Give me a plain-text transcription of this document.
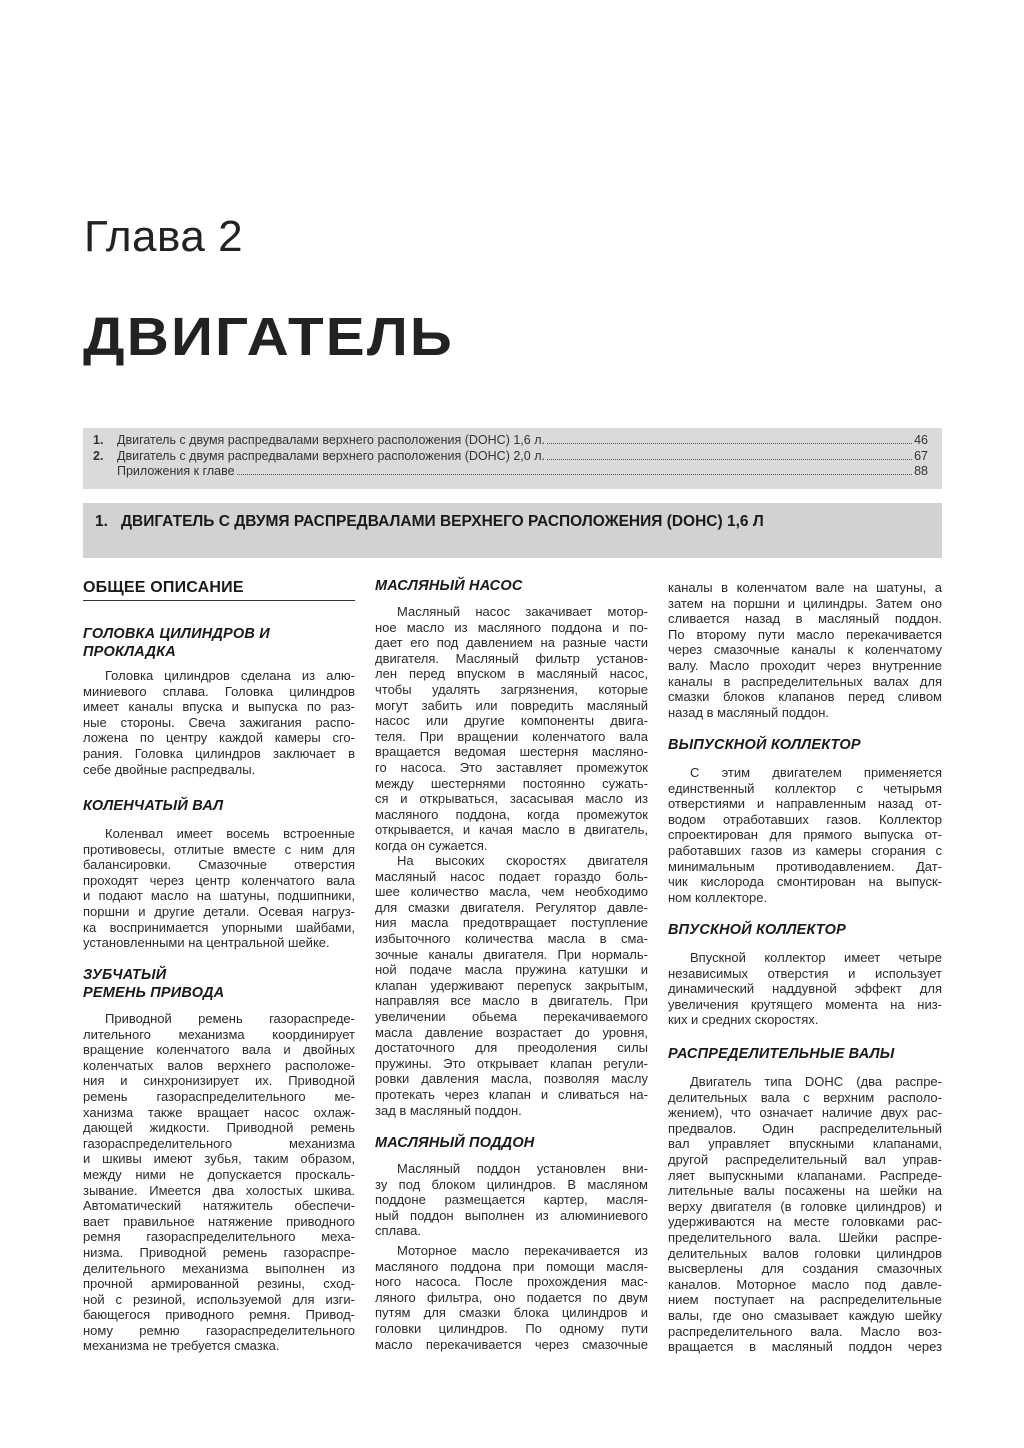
Глава 2
ДВИГАТЕЛЬ
1.	Двигатель с двумя распредвалами верхнего расположения (DOHC) 1,6 л.	46
2.	Двигатель с двумя распредвалами верхнего расположения (DOHC) 2,0 л.	67
Приложения к главе	88
1. ДВИГАТЕЛЬ С ДВУМЯ РАСПРЕДВАЛАМИ ВЕРХНЕГО РАСПОЛОЖЕНИЯ (DOHC) 1,6 Л
ОБЩЕЕ ОПИСАНИЕ
ГОЛОВКА ЦИЛИНДРОВ И
ПРОКЛАДКА
Головка цилиндров сделана из алю-
миниевого сплава. Головка цилиндров
имеет каналы впуска и выпуска по раз-
ные стороны. Свеча зажигания распо-
ложена по центру каждой камеры сго-
рания. Головка цилиндров заключает в
себе двойные распредвалы.
КОЛЕНЧАТЫЙ ВАЛ
Коленвал имеет восемь встроенные
противовесы, отлитые вместе с ним для
балансировки. Смазочные отверстия
проходят через центр коленчатого вала
и подают масло на шатуны, подшипники,
поршни и другие детали. Осевая нагруз-
ка воспринимается упорными шайбами,
установленными на центральной шейке.
ЗУБЧАТЫЙ
РЕМЕНЬ ПРИВОДА
Приводной ремень газораспреде-
лительного механизма координирует
вращение коленчатого вала и двойных
коленчатых валов верхнего расположе-
ния и синхронизирует их. Приводной
ремень газораспределительного ме-
ханизма также вращает насос охлаж-
дающей жидкости. Приводной ремень
газораспределительного механизма
и шкивы имеют зубья, таким образом,
между ними не допускается проскаль-
зывание. Имеется два холостых шкива.
Автоматический натяжитель обеспечи-
вает правильное натяжение приводного
ремня газораспределительного меха-
низма. Приводной ремень газораспре-
делительного механизма выполнен из
прочной армированной резины, сход-
ной с резиной, используемой для изги-
бающегося приводного ремня. Привод-
ному ремню газораспределительного
механизма не требуется смазка.
МАСЛЯНЫЙ НАСОС
Масляный насос закачивает мотор-
ное масло из масляного поддона и по-
дает его под давлением на разные части
двигателя. Масляный фильтр установ-
лен перед впуском в масляный насос,
чтобы удалять загрязнения, которые
могут забить или повредить масляный
насос или другие компоненты двига-
теля. При вращении коленчатого вала
вращается ведомая шестерня масляно-
го насоса. Это заставляет промежуток
между шестернями постоянно сужать-
ся и открываться, засасывая масло из
масляного поддона, когда промежуток
открывается, и качая масло в двигатель,
когда он сужается.
На высоких скоростях двигателя
масляный насос подает гораздо боль-
шее количество масла, чем необходимо
для смазки двигателя. Регулятор давле-
ния масла предотвращает поступление
избыточного количества масла в сма-
зочные каналы двигателя. При нормаль-
ной подаче масла пружина катушки и
клапан удерживают перепуск закрытым,
направляя все масло в двигатель. При
увеличении обьема перекачиваемого
масла давление возрастает до уровня,
достаточного для преодоления силы
пружины. Это открывает клапан регули-
ровки давления масла, позволяя маслу
протекать через клапан и сливаться на-
зад в масляный поддон.
МАСЛЯНЫЙ ПОДДОН
Масляный поддон установлен вни-
зу под блоком цилиндров. В масляном
поддоне размещается картер, масля-
ный поддон выполнен из алюминиевого
сплава.
Моторное масло перекачивается из
масляного поддона при помощи масля-
ного насоса. После прохождения мас-
ляного фильтра, оно подается по двум
путям для смазки блока цилиндров и
головки цилиндров. По одному пути
масло перекачивается через смазочные
каналы в коленчатом вале на шатуны, а
затем на поршни и цилиндры. Затем оно
сливается назад в масляный поддон.
По второму пути масло перекачивается
через смазочные каналы к коленчатому
валу. Масло проходит через внутренние
каналы в распределительных валах для
смазки блоков клапанов перед сливом
назад в масляный поддон.
ВЫПУСКНОЙ КОЛЛЕКТОР
С этим двигателем применяется
единственный коллектор с четырьмя
отверстиями и направленным назад от-
водом отработавших газов. Коллектор
спроектирован для прямого выпуска от-
работавших газов из камеры сгорания с
минимальным противодавлением. Дат-
чик кислорода смонтирован на выпуск-
ном коллекторе.
ВПУСКНОЙ КОЛЛЕКТОР
Впускной коллектор имеет четыре
независимых отверстия и использует
динамический наддувной эффект для
увеличения крутящего момента на низ-
ких и средних скоростях.
РАСПРЕДЕЛИТЕЛЬНЫЕ ВАЛЫ
Двигатель типа DOHC (два распре-
делительных вала с верхним располо-
жением), что означает наличие двух рас-
предвалов. Один распределительный
вал управляет впускными клапанами,
другой распределительный вал управ-
ляет выпускными клапанами. Распреде-
лительные валы посажены на шейки на
верху двигателя (в головке цилиндров) и
удерживаются на месте головками рас-
пределительного вала. Шейки распре-
делительных валов головки цилиндров
высверлены для создания смазочных
каналов. Моторное масло под давле-
нием поступает на распределительные
валы, где оно смазывает каждую шейку
распределительного вала. Масло воз-
вращается в масляный поддон через
